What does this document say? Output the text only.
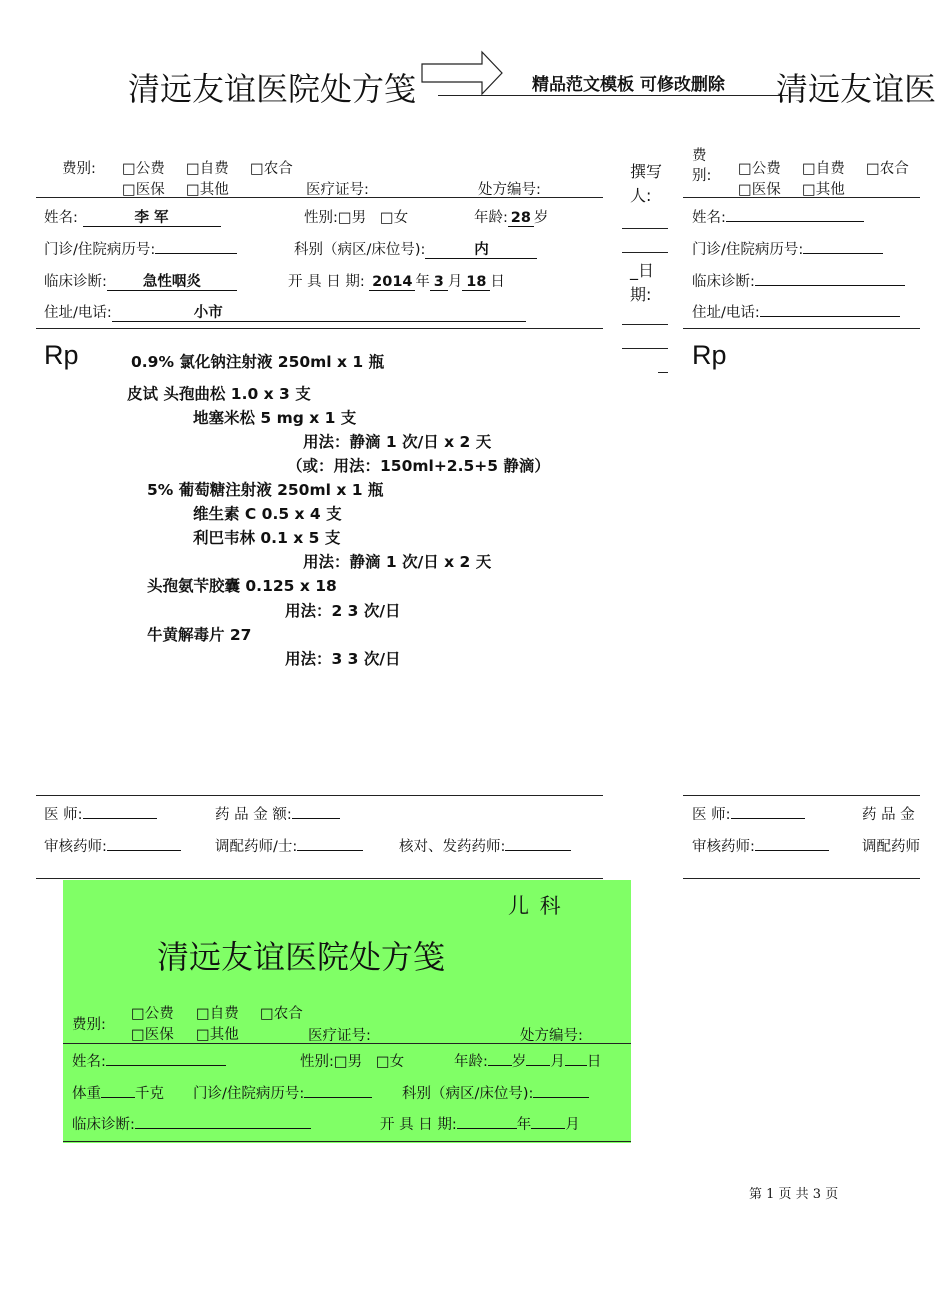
清远友谊医院处方笺	精品范文模板 可修改删除 清远友谊医
费别: □	公费 □	自费 □	农合
□ 医保 □	其他	医疗证号:	处方编号:
姓名:	李 军	性别: □ 男 □ 女	年龄: 28 岁
门诊/住院病历号:	科别（病区/床位号):	内
临床诊断: 急性咽炎	开 具 日 期: 2014 年 3 月 18 日
住址/电话:	小市
Rp	0.9% 氯化钠注射液 250ml x 1 瓶
皮试 头孢曲松 1.0 x 3 支
地塞米松 5 mg x 1 支
用法：静滴 1 次/日 x 2 天
（或：用法：150ml+2.5+5 静滴）
5% 葡萄糖注射液 250ml x 1 瓶
维生素 C 0.5 x 4 支
利巴韦林 0.1 x 5 支
用法：静滴 1 次/日 x 2 天
头孢氨苄胶囊 0.125 x 18
用法：2 3 次/日
牛黄解毒片 27
用法：3 3 次/日
医 师:	药 品 金 额:
审核药师:	调配药师/士:	核对、发药药师:
撰写人:
_日期:
费别: □	公费 □	自费 □	农合
□ 医保 □	其他
姓名:
门诊/住院病历号:
临床诊断:
住址/电话:
Rp
医 师:	药 品 金
审核药师:	调配药师
儿 科
清远友谊医院处方笺
费别:
□ 公费 □	自费 □	农合
□ 医保 □	其他	医疗证号:	处方编号:
姓名:	性别: □ 男 □ 女	年龄: 岁 月 日
体重 千克 门诊/住院病历号:	科别（病区/床位号):
临床诊断:	开 具 日 期:	年 月
第 1 页 共 3 页
